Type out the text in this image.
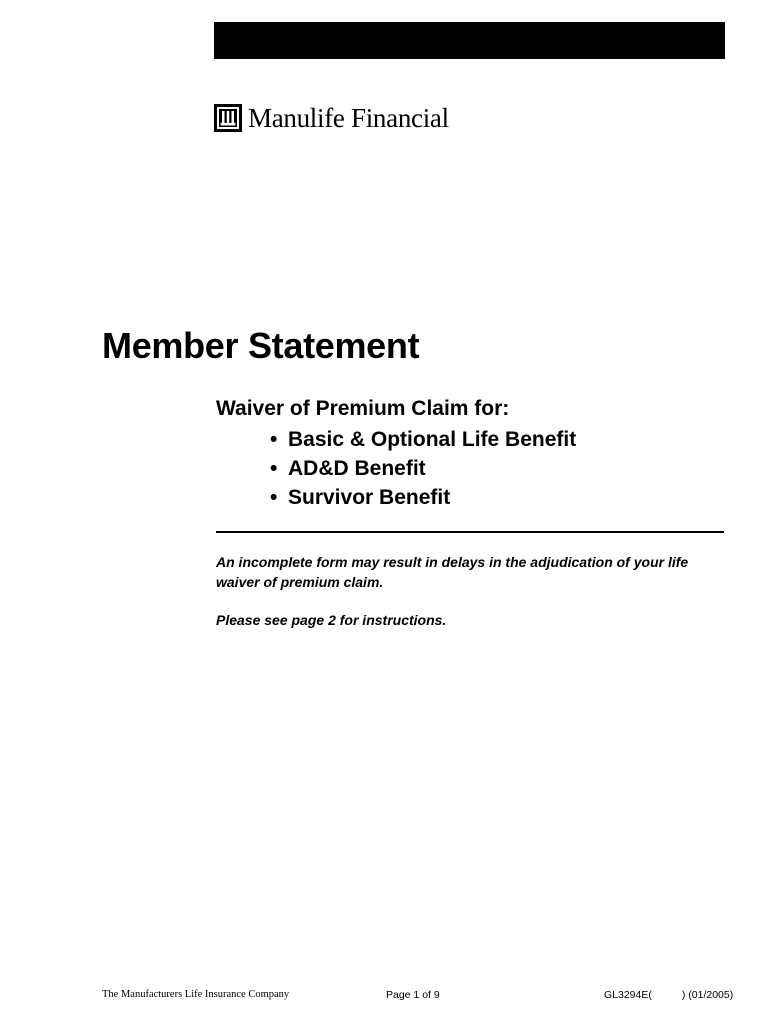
Manulife Financial
Member Statement
Waiver of Premium Claim for:
• Basic & Optional Life Benefit
• AD&D Benefit
• Survivor Benefit

An incomplete form may result in delays in the adjudication of your life waiver of premium claim.

Please see page 2 for instructions.

The Manufacturers Life Insurance Company	Page 1 of 9	GL3294E(	) (01/2005)
